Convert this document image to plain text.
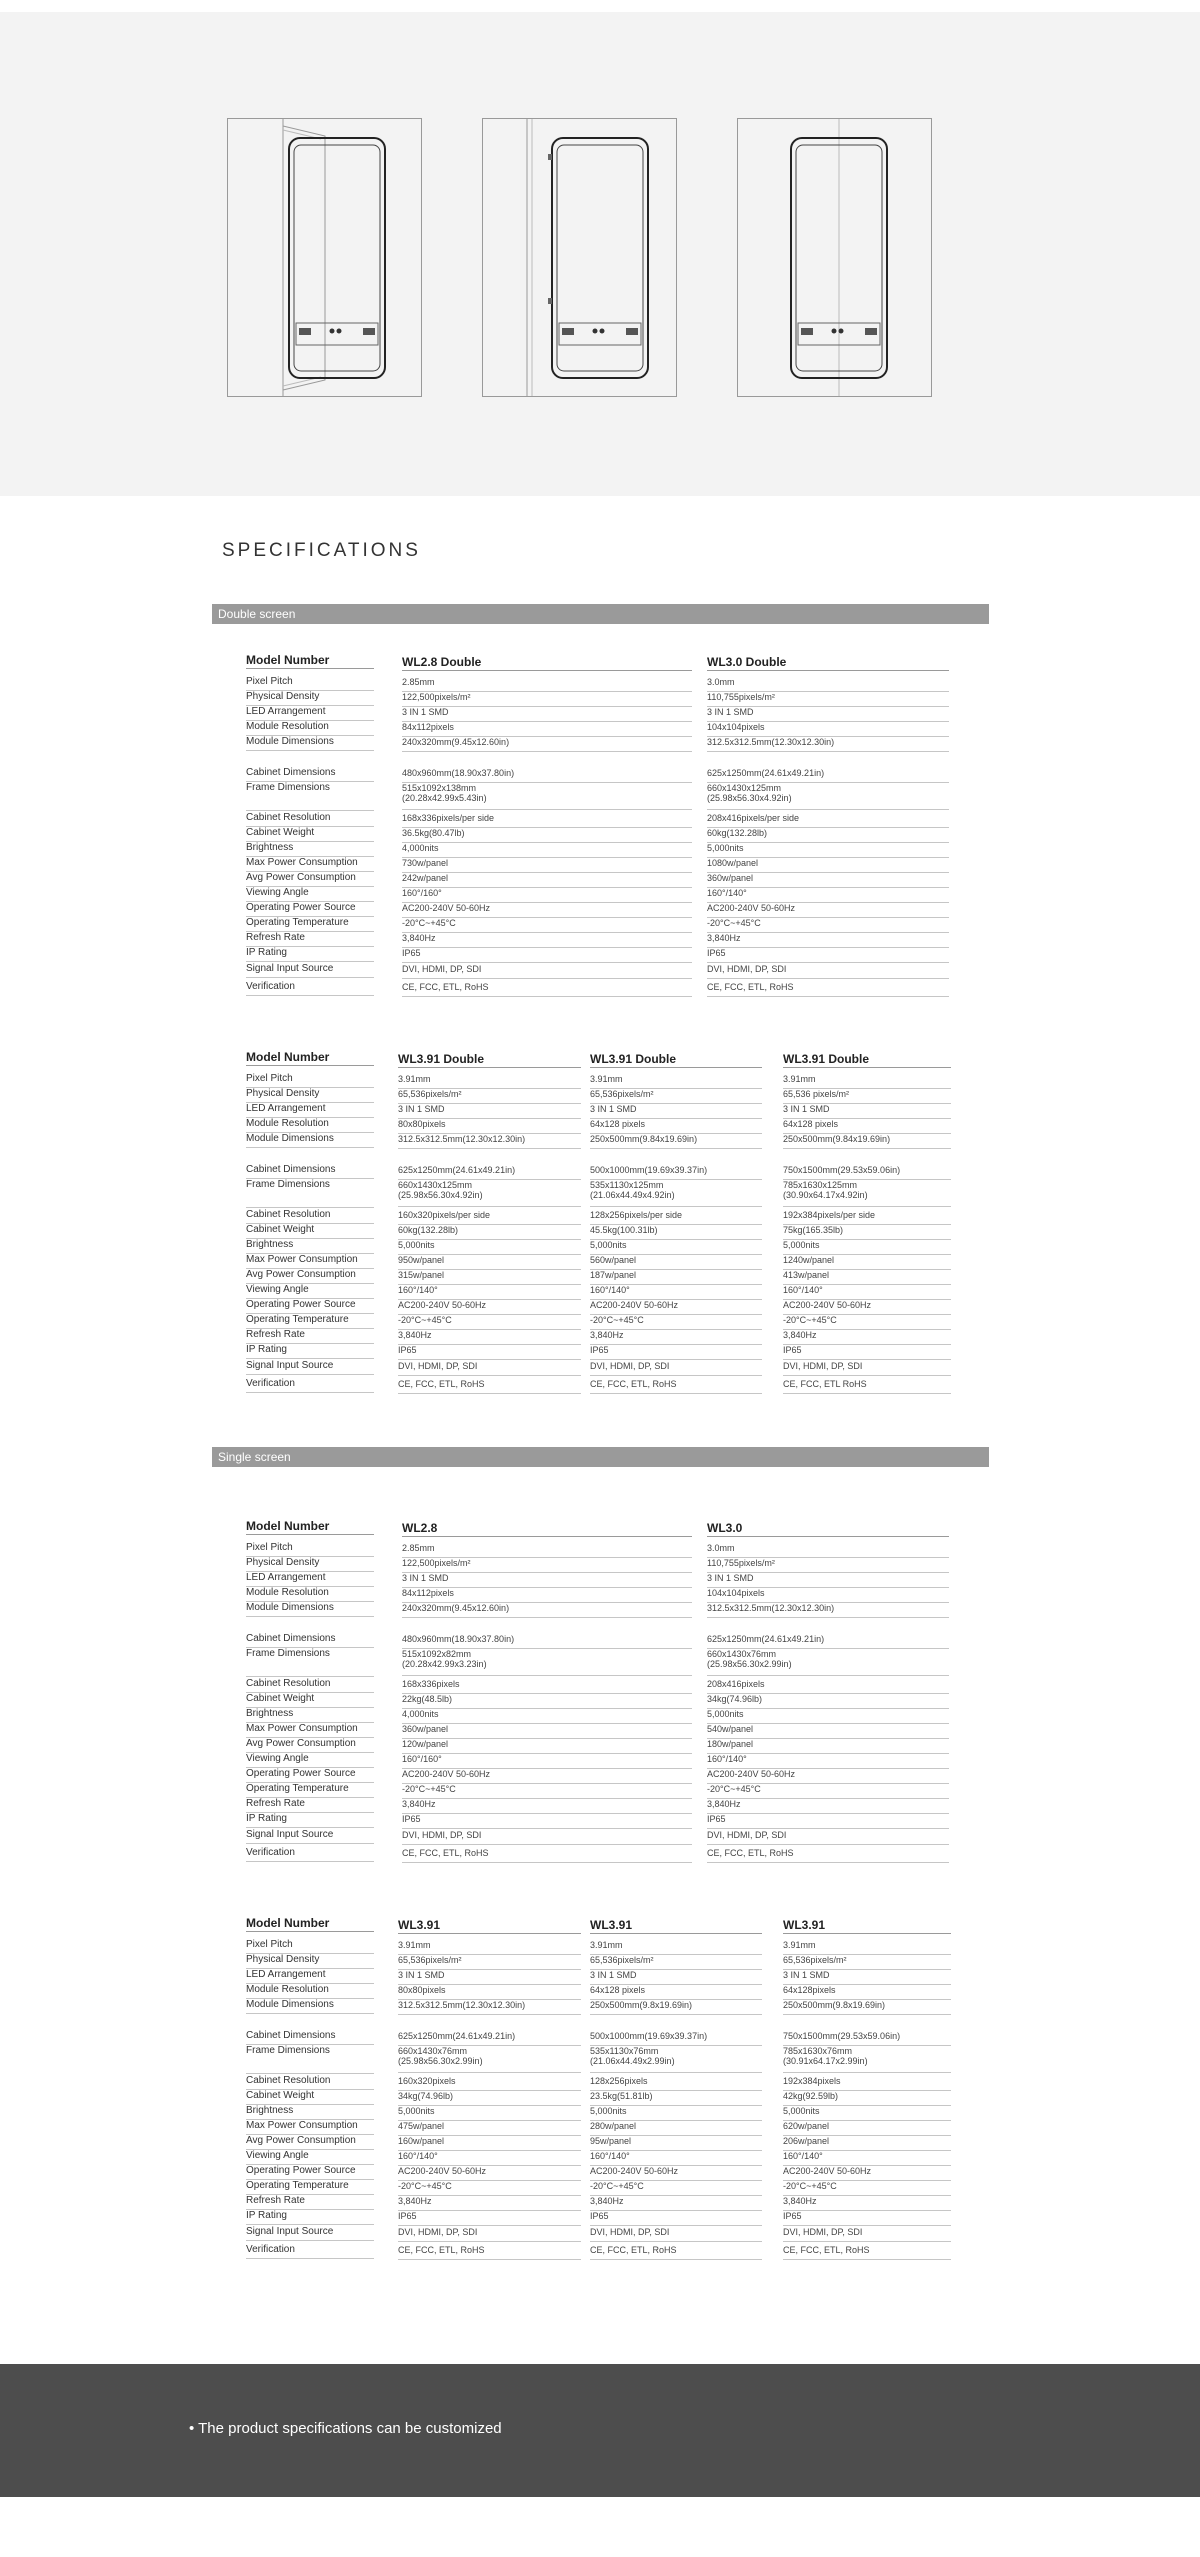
SPECIFICATIONS
Double screen
Model Number
Pixel Pitch
Physical Density
LED Arrangement
Module Resolution
Module Dimensions
Cabinet Dimensions
Frame Dimensions
Cabinet Resolution
Cabinet Weight
Brightness
Max Power Consumption
Avg Power Consumption
Viewing Angle
Operating Power Source
Operating Temperature
Refresh Rate
IP Rating
Signal Input Source
Verification
WL2.8 Double
2.85mm
122,500pixels/m²
3 IN 1 SMD
84x112pixels
240x320mm(9.45x12.60in)
480x960mm(18.90x37.80in)
515x1092x138mm
(20.28x42.99x5.43in)
168x336pixels/per side
36.5kg(80.47lb)
4,000nits
730w/panel
242w/panel
160°/160°
AC200-240V 50-60Hz
-20°C~+45°C
3,840Hz
IP65
DVI, HDMI, DP, SDI
CE, FCC, ETL, RoHS
WL3.0 Double
3.0mm
110,755pixels/m²
3 IN 1 SMD
104x104pixels
312.5x312.5mm(12.30x12.30in)
625x1250mm(24.61x49.21in)
660x1430x125mm
(25.98x56.30x4.92in)
208x416pixels/per side
60kg(132.28lb)
5,000nits
1080w/panel
360w/panel
160°/140°
AC200-240V 50-60Hz
-20°C~+45°C
3,840Hz
IP65
DVI, HDMI, DP, SDI
CE, FCC, ETL, RoHS
Model Number
Pixel Pitch
Physical Density
LED Arrangement
Module Resolution
Module Dimensions
Cabinet Dimensions
Frame Dimensions
Cabinet Resolution
Cabinet Weight
Brightness
Max Power Consumption
Avg Power Consumption
Viewing Angle
Operating Power Source
Operating Temperature
Refresh Rate
IP Rating
Signal Input Source
Verification
WL3.91 Double
3.91mm
65,536pixels/m²
3 IN 1 SMD
80x80pixels
312.5x312.5mm(12.30x12.30in)
625x1250mm(24.61x49.21in)
660x1430x125mm
(25.98x56.30x4.92in)
160x320pixels/per side
60kg(132.28lb)
5,000nits
950w/panel
315w/panel
160°/140°
AC200-240V 50-60Hz
-20°C~+45°C
3,840Hz
IP65
DVI, HDMI, DP, SDI
CE, FCC, ETL, RoHS
WL3.91 Double
3.91mm
65,536pixels/m²
3 IN 1 SMD
64x128 pixels
250x500mm(9.84x19.69in)
500x1000mm(19.69x39.37in)
535x1130x125mm
(21.06x44.49x4.92in)
128x256pixels/per side
45.5kg(100.31lb)
5,000nits
560w/panel
187w/panel
160°/140°
AC200-240V 50-60Hz
-20°C~+45°C
3,840Hz
IP65
DVI, HDMI, DP, SDI
CE, FCC, ETL, RoHS
WL3.91 Double
3.91mm
65,536 pixels/m²
3 IN 1 SMD
64x128 pixels
250x500mm(9.84x19.69in)
750x1500mm(29.53x59.06in)
785x1630x125mm
(30.90x64.17x4.92in)
192x384pixels/per side
75kg(165.35lb)
5,000nits
1240w/panel
413w/panel
160°/140°
AC200-240V 50-60Hz
-20°C~+45°C
3,840Hz
IP65
DVI, HDMI, DP, SDI
CE, FCC, ETL RoHS
Single screen
Model Number
Pixel Pitch
Physical Density
LED Arrangement
Module Resolution
Module Dimensions
Cabinet Dimensions
Frame Dimensions
Cabinet Resolution
Cabinet Weight
Brightness
Max Power Consumption
Avg Power Consumption
Viewing Angle
Operating Power Source
Operating Temperature
Refresh Rate
IP Rating
Signal Input Source
Verification
WL2.8
2.85mm
122,500pixels/m²
3 IN 1 SMD
84x112pixels
240x320mm(9.45x12.60in)
480x960mm(18.90x37.80in)
515x1092x82mm
(20.28x42.99x3.23in)
168x336pixels
22kg(48.5lb)
4,000nits
360w/panel
120w/panel
160°/160°
AC200-240V 50-60Hz
-20°C~+45°C
3,840Hz
IP65
DVI, HDMI, DP, SDI
CE, FCC, ETL, RoHS
WL3.0
3.0mm
110,755pixels/m²
3 IN 1 SMD
104x104pixels
312.5x312.5mm(12.30x12.30in)
625x1250mm(24.61x49.21in)
660x1430x76mm
(25.98x56.30x2.99in)
208x416pixels
34kg(74.96lb)
5,000nits
540w/panel
180w/panel
160°/140°
AC200-240V 50-60Hz
-20°C~+45°C
3,840Hz
IP65
DVI, HDMI, DP, SDI
CE, FCC, ETL, RoHS
Model Number
Pixel Pitch
Physical Density
LED Arrangement
Module Resolution
Module Dimensions
Cabinet Dimensions
Frame Dimensions
Cabinet Resolution
Cabinet Weight
Brightness
Max Power Consumption
Avg Power Consumption
Viewing Angle
Operating Power Source
Operating Temperature
Refresh Rate
IP Rating
Signal Input Source
Verification
WL3.91
3.91mm
65,536pixels/m²
3 IN 1 SMD
80x80pixels
312.5x312.5mm(12.30x12.30in)
625x1250mm(24.61x49.21in)
660x1430x76mm
(25.98x56.30x2.99in)
160x320pixels
34kg(74.96lb)
5,000nits
475w/panel
160w/panel
160°/140°
AC200-240V 50-60Hz
-20°C~+45°C
3,840Hz
IP65
DVI, HDMI, DP, SDI
CE, FCC, ETL, RoHS
WL3.91
3.91mm
65,536pixels/m²
3 IN 1 SMD
64x128 pixels
250x500mm(9.8x19.69in)
500x1000mm(19.69x39.37in)
535x1130x76mm
(21.06x44.49x2.99in)
128x256pixels
23.5kg(51.81lb)
5,000nits
280w/panel
95w/panel
160°/140°
AC200-240V 50-60Hz
-20°C~+45°C
3,840Hz
IP65
DVI, HDMI, DP, SDI
CE, FCC, ETL, RoHS
WL3.91
3.91mm
65,536pixels/m²
3 IN 1 SMD
64x128pixels
250x500mm(9.8x19.69in)
750x1500mm(29.53x59.06in)
785x1630x76mm
(30.91x64.17x2.99in)
192x384pixels
42kg(92.59lb)
5,000nits
620w/panel
206w/panel
160°/140°
AC200-240V 50-60Hz
-20°C~+45°C
3,840Hz
IP65
DVI, HDMI, DP, SDI
CE, FCC, ETL, RoHS
• The product specifications can be customized
